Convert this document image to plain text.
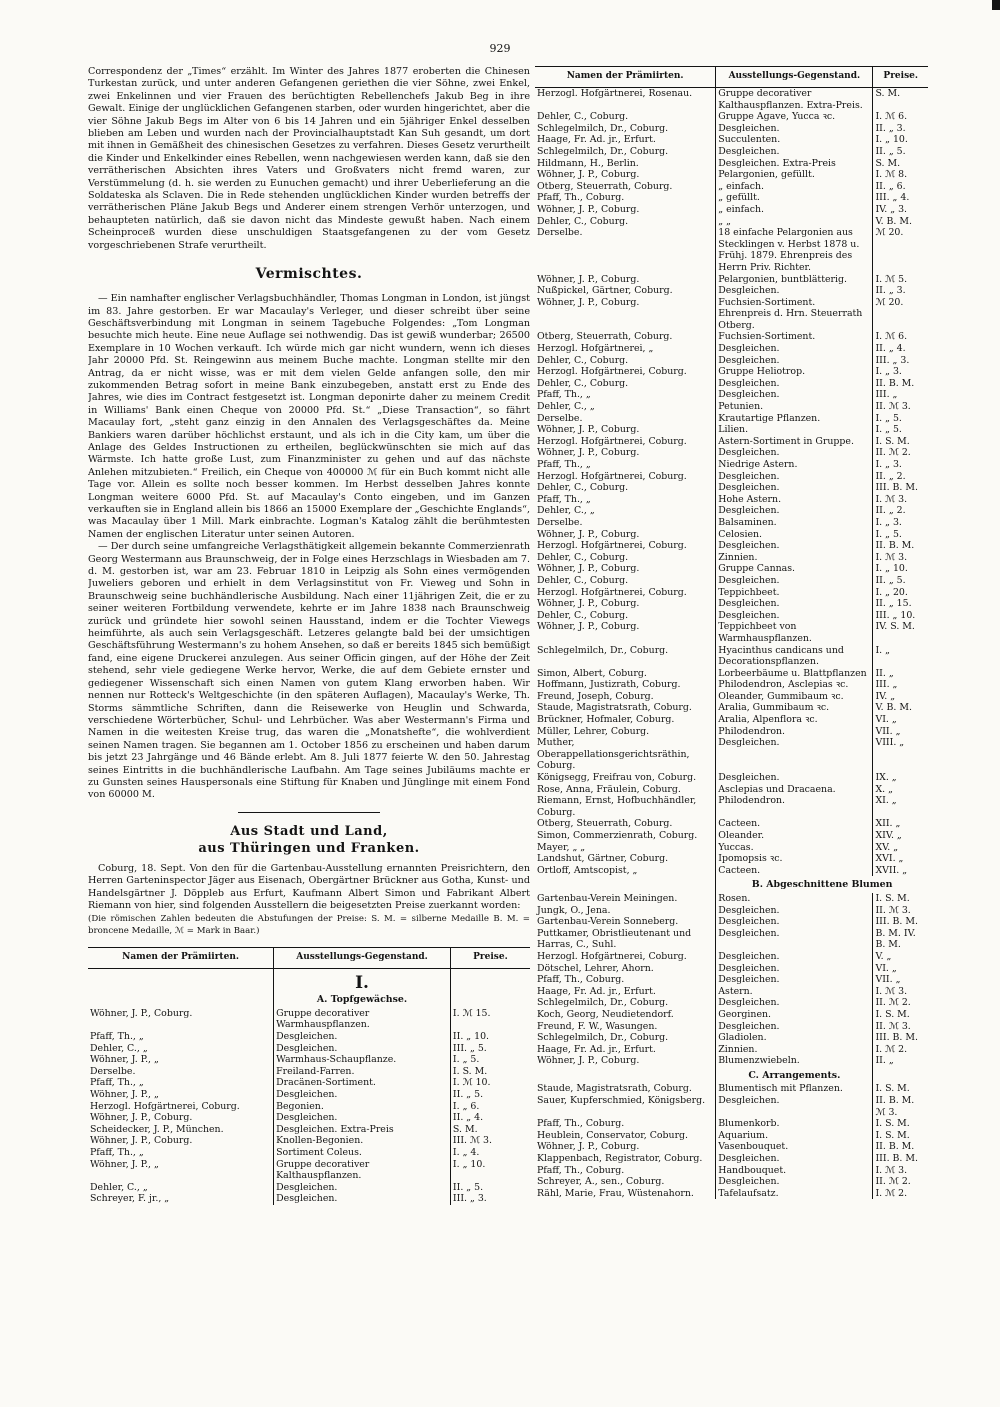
929

Correspondenz der „Times“ erzählt. Im Winter des Jahres 1877 eroberten die Chinesen Turkestan zurück, und unter anderen Gefangenen geriethen die vier Söhne, zwei Enkel, zwei Enkelinnen und vier Frauen des berüchtigten Rebellenchefs Jakub Beg in ihre Gewalt. Einige der unglücklichen Gefangenen starben, oder wurden hingerichtet, aber die vier Söhne Jakub Begs im Alter von 6 bis 14 Jahren und ein 5jähriger Enkel desselben blieben am Leben und wurden nach der Provincialhauptstadt Kan Suh gesandt, um dort mit ihnen in Gemäßheit des chinesischen Gesetzes zu verfahren. Dieses Gesetz verurtheilt die Kinder und Enkelkinder eines Rebellen, wenn nachgewiesen werden kann, daß sie den verrätherischen Absichten ihres Vaters und Großvaters nicht fremd waren, zur Verstümmelung (d. h. sie werden zu Eunuchen gemacht) und ihrer Ueberlieferung an die Soldateska als Sclaven. Die in Rede stehenden unglücklichen Kinder wurden betreffs der verrätherischen Pläne Jakub Begs und Anderer einem strengen Verhör unterzogen, und behaupteten natürlich, daß sie davon nicht das Mindeste gewußt haben. Nach einem Scheinproceß wurden diese unschuldigen Staatsgefangenen zu der vom Gesetz vorgeschriebenen Strafe verurtheilt.

Vermischtes.

— Ein namhafter englischer Verlagsbuchhändler, Thomas Longman in London, ist jüngst im 83. Jahre gestorben. Er war Macaulay's Verleger, und dieser schreibt über seine Geschäftsverbindung mit Longman in seinem Tagebuche Folgendes: „Tom Longman besuchte mich heute. Eine neue Auflage sei nothwendig. Das ist gewiß wunderbar; 26500 Exemplare in 10 Wochen verkauft. Ich würde mich gar nicht wundern, wenn ich dieses Jahr 20000 Pfd. St. Reingewinn aus meinem Buche machte. Longman stellte mir den Antrag, da er nicht wisse, was er mit dem vielen Gelde anfangen solle, den mir zukommenden Betrag sofort in meine Bank einzubegeben, anstatt erst zu Ende des Jahres, wie dies im Contract festgesetzt ist. Longman deponirte daher zu meinem Credit in Williams' Bank einen Cheque von 20000 Pfd. St.“ „Diese Transaction“, so fährt Macaulay fort, „steht ganz einzig in den Annalen des Verlagsgeschäftes da. Meine Bankiers waren darüber höchlichst erstaunt, und als ich in die City kam, um über die Anlage des Geldes Instructionen zu ertheilen, beglückwünschten sie mich auf das Wärmste. Ich hatte große Lust, zum Finanzminister zu gehen und auf das nächste Anlehen mitzubieten.“ Freilich, ein Cheque von 400000 ℳ für ein Buch kommt nicht alle Tage vor. Allein es sollte noch besser kommen. Im Herbst desselben Jahres konnte Longman weitere 6000 Pfd. St. auf Macaulay's Conto eingeben, und im Ganzen verkauften sie in England allein bis 1866 an 15000 Exemplare der „Geschichte Englands“, was Macaulay über 1 Mill. Mark einbrachte. Logman's Katalog zählt die berühmtesten Namen der englischen Literatur unter seinen Autoren.

— Der durch seine umfangreiche Verlagsthätigkeit allgemein bekannte Commerzienrath Georg Westermann aus Braunschweig, der in Folge eines Herzschlags in Wiesbaden am 7. d. M. gestorben ist, war am 23. Februar 1810 in Leipzig als Sohn eines vermögenden Juweliers geboren und erhielt in dem Verlagsinstitut von Fr. Vieweg und Sohn in Braunschweig seine buchhändlerische Ausbildung. Nach einer 11jährigen Zeit, die er zu seiner weiteren Fortbildung verwendete, kehrte er im Jahre 1838 nach Braunschweig zurück und gründete hier sowohl seinen Hausstand, indem er die Tochter Viewegs heimführte, als auch sein Verlagsgeschäft. Letzeres gelangte bald bei der umsichtigen Geschäftsführung Westermann's zu hohem Ansehen, so daß er bereits 1845 sich bemüßigt fand, eine eigene Druckerei anzulegen. Aus seiner Officin gingen, auf der Höhe der Zeit stehend, sehr viele gediegene Werke hervor, Werke, die auf dem Gebiete ernster und gediegener Wissenschaft sich einen Namen von gutem Klang erworben haben. Wir nennen nur Rotteck's Weltgeschichte (in den späteren Auflagen), Macaulay's Werke, Th. Storms sämmtliche Schriften, dann die Reisewerke von Heuglin und Schwarda, verschiedene Wörterbücher, Schul- und Lehrbücher. Was aber Westermann's Firma und Namen in die weitesten Kreise trug, das waren die „Monatshefte“, die wohlverdient seinen Namen tragen. Sie begannen am 1. October 1856 zu erscheinen und haben darum bis jetzt 23 Jahrgänge und 46 Bände erlebt. Am 8. Juli 1877 feierte W. den 50. Jahrestag seines Eintritts in die buchhändlerische Laufbahn. Am Tage seines Jubiläums machte er zu Gunsten seines Hauspersonals eine Stiftung für Knaben und Jünglinge mit einem Fond von 60000 M.

Aus Stadt und Land,
aus Thüringen und Franken.

Coburg, 18. Sept. Von den für die Gartenbau-Ausstellung ernannten Preisrichtern, den Herren Garteninspector Jäger aus Eisenach, Obergärtner Brückner aus Gotha, Kunst- und Handelsgärtner J. Döppleb aus Erfurt, Kaufmann Albert Simon und Fabrikant Albert Riemann von hier, sind folgenden Ausstellern die beigesetzten Preise zuerkannt worden:

(Die römischen Zahlen bedeuten die Abstufungen der Preise: S. M. = silberne Medaille B. M. = broncene Medaille, ℳ = Mark in Baar.)

Namen der Prämiirten.	Ausstellungs-Gegenstand.	Preise.

	I.
A. Topfgewächse.	

Wöhner, J. P., Coburg.	Gruppe decorativer Warmhauspflanzen.	I. ℳ 15.
Pfaff, Th., „	Desgleichen.	II. „ 10.
Dehler, C., „	Desgleichen.	III. „ 5.
Wöhner, J. P., „	Warmhaus-Schaupflanze.	I. „ 5.
Derselbe.	Freiland-Farren.	I. S. M.
Pfaff, Th., „	Dracänen-Sortiment.	I. ℳ 10.
Wöhner, J. P., „	Desgleichen.	II. „ 5.
Herzogl. Hofgärtnerei, Coburg.	Begonien.	I. „ 6.
Wöhner, J. P., Coburg.	Desgleichen.	II. „ 4.
Scheidecker, J. P., München.	Desgleichen. Extra-Preis	S. M.
Wöhner, J. P., Coburg.	Knollen-Begonien.	III. ℳ 3.
Pfaff, Th., „	Sortiment Coleus.	I. „ 4.
Wöhner, J. P., „	Gruppe decorativer Kalthauspflanzen.	I. „ 10.
Dehler, C., „	Desgleichen.	II. „ 5.
Schreyer, F. jr., „	Desgleichen.	III. „ 3.
Namen der Prämiirten.	Ausstellungs-Gegenstand.	Preise.
Herzogl. Hofgärtnerei, Rosenau.	Gruppe decorativer Kalthauspflanzen. Extra-Preis.	S. M.
Dehler, C., Coburg.	Gruppe Agave, Yucca ꝛc.	I. ℳ 6.
Schlegelmilch, Dr., Coburg.	Desgleichen.	II. „ 3.
Haage, Fr. Ad. jr., Erfurt.	Succulenten.	I. „ 10.
Schlegelmilch, Dr., Coburg.	Desgleichen.	II. „ 5.
Hildmann, H., Berlin.	Desgleichen. Extra-Preis	S. M.
Wöhner, J. P., Coburg.	Pelargonien, gefüllt.	I. ℳ 8.
Otberg, Steuerrath, Coburg.	„ einfach.	II. „ 6.
Pfaff, Th., Coburg.	„ gefüllt.	III. „ 4.
Wöhner, J. P., Coburg.	„ einfach.	IV. „ 3.
Dehler, C., Coburg.	„ „	V. B. M.
Derselbe.	18 einfache Pelargonien aus Stecklingen v. Herbst 1878 u. Frühj. 1879. Ehrenpreis des Herrn Priv. Richter.	ℳ 20.
Wöhner, J. P., Coburg.	Pelargonien, buntblätterig.	I. ℳ 5.
Nußpickel, Gärtner, Coburg.	Desgleichen.	II. „ 3.
Wöhner, J. P., Coburg.	Fuchsien-Sortiment. Ehrenpreis d. Hrn. Steuerrath Otberg.	ℳ 20.
Otberg, Steuerrath, Coburg.	Fuchsien-Sortiment.	I. ℳ 6.
Herzogl. Hofgärtnerei, „	Desgleichen.	II. „ 4.
Dehler, C., Coburg.	Desgleichen.	III. „ 3.
Herzogl. Hofgärtnerei, Coburg.	Gruppe Heliotrop.	I. „ 3.
Dehler, C., Coburg.	Desgleichen.	II. B. M.
Pfaff, Th., „	Desgleichen.	III. „
Dehler, C., „	Petunien.	II. ℳ 3.
Derselbe.	Krautartige Pflanzen.	I. „ 5.
Wöhner, J. P., Coburg.	Lilien.	I. „ 5.
Herzogl. Hofgärtnerei, Coburg.	Astern-Sortiment in Gruppe.	I. S. M.
Wöhner, J. P., Coburg.	Desgleichen.	II. ℳ 2.
Pfaff, Th., „	Niedrige Astern.	I. „ 3.
Herzogl. Hofgärtnerei, Coburg.	Desgleichen.	II. „ 2.
Dehler, C., Coburg.	Desgleichen.	III. B. M.
Pfaff, Th., „	Hohe Astern.	I. ℳ 3.
Dehler, C., „	Desgleichen.	II. „ 2.
Derselbe.	Balsaminen.	I. „ 3.
Wöhner, J. P., Coburg.	Celosien.	I. „ 5.
Herzogl. Hofgärtnerei, Coburg.	Desgleichen.	II. B. M.
Dehler, C., Coburg.	Zinnien.	I. ℳ 3.
Wöhner, J. P., Coburg.	Gruppe Cannas.	I. „ 10.
Dehler, C., Coburg.	Desgleichen.	II. „ 5.
Herzogl. Hofgärtnerei, Coburg.	Teppichbeet.	I. „ 20.
Wöhner, J. P., Coburg.	Desgleichen.	II. „ 15.
Dehler, C., Coburg.	Desgleichen.	III. „ 10.
Wöhner, J. P., Coburg.	Teppichbeet von Warmhauspflanzen.	IV. S. M.
Schlegelmilch, Dr., Coburg.	Hyacinthus candicans und Decorationspflanzen.	I. „
Simon, Albert, Coburg.	Lorbeerbäume u. Blattpflanzen	II. „
Hoffmann, Justizrath, Coburg.	Philodendron, Asclepias ꝛc.	III. „
Freund, Joseph, Coburg.	Oleander, Gummibaum ꝛc.	IV. „
Staude, Magistratsrath, Coburg.	Aralia, Gummibaum ꝛc.	V. B. M.
Brückner, Hofmaler, Coburg.	Aralia, Alpenflora ꝛc.	VI. „
Müller, Lehrer, Coburg.	Philodendron.	VII. „
Muther, Oberappellationsgerichtsräthin, Coburg.	Desgleichen.	VIII. „
Königsegg, Freifrau von, Coburg.	Desgleichen.	IX. „
Rose, Anna, Fräulein, Coburg.	Asclepias und Dracaena.	X. „
Riemann, Ernst, Hofbuchhändler, Coburg.	Philodendron.	XI. „
Otberg, Steuerrath, Coburg.	Cacteen.	XII. „
Simon, Commerzienrath, Coburg.	Oleander.	XIV. „
Mayer, „ „	Yuccas.	XV. „
Landshut, Gärtner, Coburg.	Ipomopsis ꝛc.	XVI. „
Ortloff, Amtscopist, „	Cacteen.	XVII. „
	B. Abgeschnittene Blumen	
Gartenbau-Verein Meiningen.	Rosen.	I. S. M.
Jungk, O., Jena.	Desgleichen.	II. ℳ 3.
Gartenbau-Verein Sonneberg.	Desgleichen.	III. B. M.
Puttkamer, Obristlieutenant und Harras, C., Suhl.	Desgleichen.	B. M. IV. B. M.
Herzogl. Hofgärtnerei, Coburg.	Desgleichen.	V. „
Dötschel, Lehrer, Ahorn.	Desgleichen.	VI. „
Pfaff, Th., Coburg.	Desgleichen.	VII. „
Haage, Fr. Ad. jr., Erfurt.	Astern.	I. ℳ 3.
Schlegelmilch, Dr., Coburg.	Desgleichen.	II. ℳ 2.
Koch, Georg, Neudietendorf.	Georginen.	I. S. M.
Freund, F. W., Wasungen.	Desgleichen.	II. ℳ 3.
Schlegelmilch, Dr., Coburg.	Gladiolen.	III. B. M.
Haage, Fr. Ad. jr., Erfurt.	Zinnien.	I. ℳ 2.
Wöhner, J. P., Coburg.	Blumenzwiebeln.	II. „
	C. Arrangements.	
Staude, Magistratsrath, Coburg.	Blumentisch mit Pflanzen.	I. S. M.
Sauer, Kupferschmied, Königsberg.	Desgleichen.	II. B. M. ℳ 3.
Pfaff, Th., Coburg.	Blumenkorb.	I. S. M.
Heublein, Conservator, Coburg.	Aquarium.	I. S. M.
Wöhner, J. P., Coburg.	Vasenbouquet.	II. B. M.
Klappenbach, Registrator, Coburg.	Desgleichen.	III. B. M.
Pfaff, Th., Coburg.	Handbouquet.	I. ℳ 3.
Schreyer, A., sen., Coburg.	Desgleichen.	II. ℳ 2.
Rähl, Marie, Frau, Wüstenahorn.	Tafelaufsatz.	I. ℳ 2.
